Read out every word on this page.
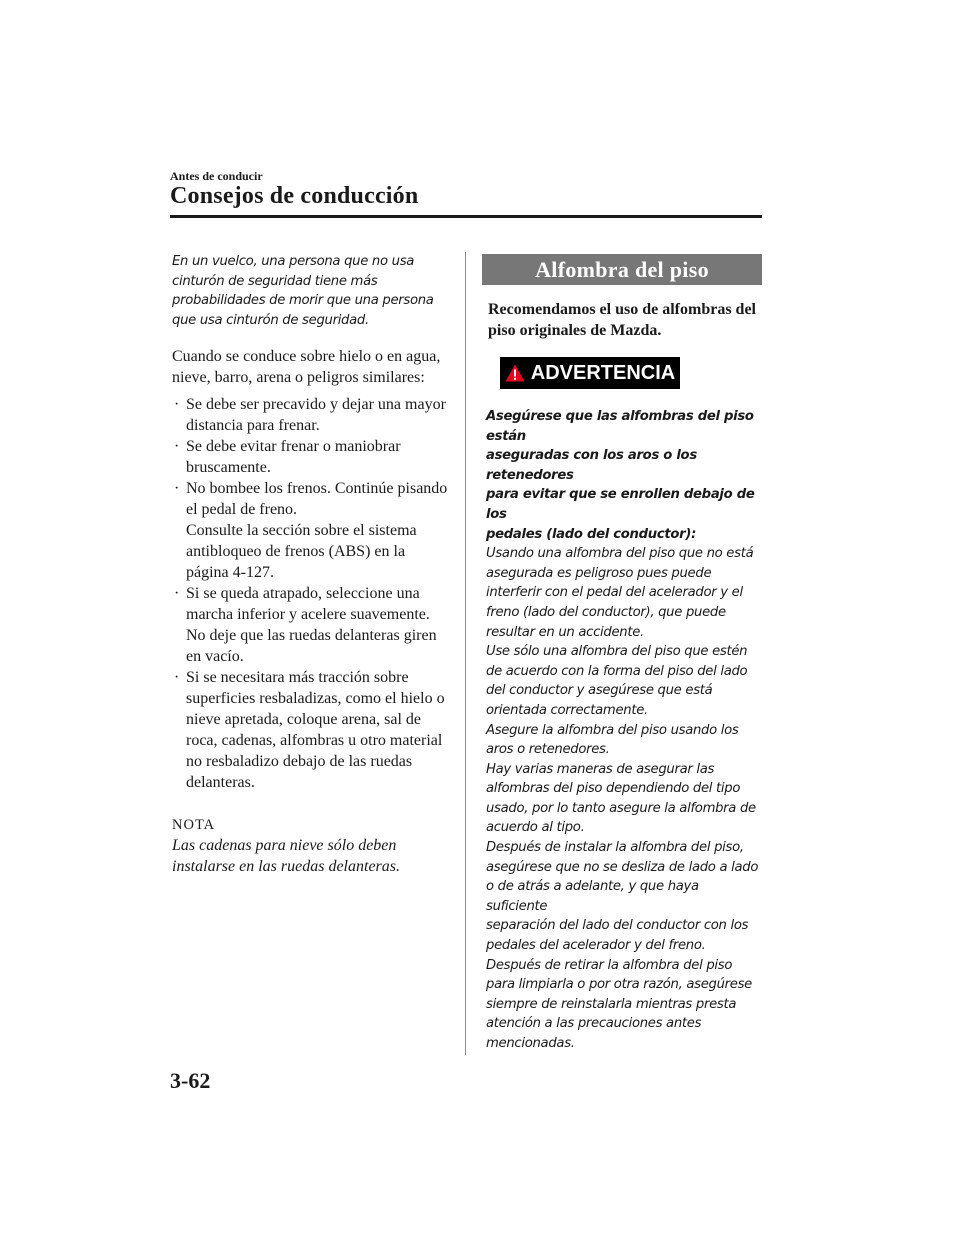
Antes de conducir
Consejos de conducción
En un vuelco, una persona que no usa
cinturón de seguridad tiene más
probabilidades de morir que una persona
que usa cinturón de seguridad.
Cuando se conduce sobre hielo o en agua,
nieve, barro, arena o peligros similares:
· Se debe ser precavido y dejar una mayor
distancia para frenar.
· Se debe evitar frenar o maniobrar
bruscamente.
· No bombee los frenos. Continúe pisando
el pedal de freno.
Consulte la sección sobre el sistema
antibloqueo de frenos (ABS) en la
página 4-127.
· Si se queda atrapado, seleccione una
marcha inferior y acelere suavemente.
No deje que las ruedas delanteras giren
en vacío.
· Si se necesitara más tracción sobre
superficies resbaladizas, como el hielo o
nieve apretada, coloque arena, sal de
roca, cadenas, alfombras u otro material
no resbaladizo debajo de las ruedas
delanteras.
NOTA
Las cadenas para nieve sólo deben
instalarse en las ruedas delanteras.
Alfombra del piso
Recomendamos el uso de alfombras del
piso originales de Mazda.
ADVERTENCIA
Asegúrese que las alfombras del piso están
aseguradas con los aros o los retenedores
para evitar que se enrollen debajo de los
pedales (lado del conductor):
Usando una alfombra del piso que no está
asegurada es peligroso pues puede
interferir con el pedal del acelerador y el
freno (lado del conductor), que puede
resultar en un accidente.
Use sólo una alfombra del piso que estén
de acuerdo con la forma del piso del lado
del conductor y asegúrese que está
orientada correctamente.
Asegure la alfombra del piso usando los
aros o retenedores.
Hay varias maneras de asegurar las
alfombras del piso dependiendo del tipo
usado, por lo tanto asegure la alfombra de
acuerdo al tipo.
Después de instalar la alfombra del piso,
asegúrese que no se desliza de lado a lado
o de atrás a adelante, y que haya suficiente
separación del lado del conductor con los
pedales del acelerador y del freno.
Después de retirar la alfombra del piso
para limpiarla o por otra razón, asegúrese
siempre de reinstalarla mientras presta
atención a las precauciones antes
mencionadas.
3-62
